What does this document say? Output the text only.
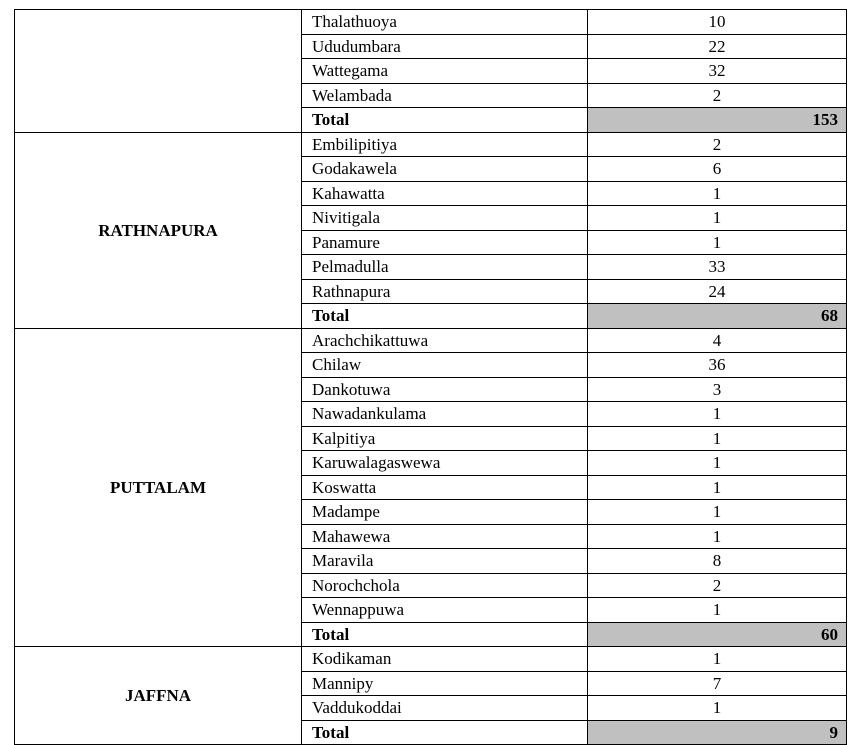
	Thalathuoya	10
	Ududumbara	22
	Wattegama	32
	Welambada	2
	Total	153
RATHNAPURA	Embilipitiya	2
	Godakawela	6
	Kahawatta	1
	Nivitigala	1
	Panamure	1
	Pelmadulla	33
	Rathnapura	24
	Total	68
PUTTALAM	Arachchikattuwa	4
	Chilaw	36
	Dankotuwa	3
	Nawadankulama	1
	Kalpitiya	1
	Karuwalagaswewa	1
	Koswatta	1
	Madampe	1
	Mahawewa	1
	Maravila	8
	Norochchola	2
	Wennappuwa	1
	Total	60
JAFFNA	Kodikaman	1
	Mannipy	7
	Vaddukoddai	1
	Total	9
